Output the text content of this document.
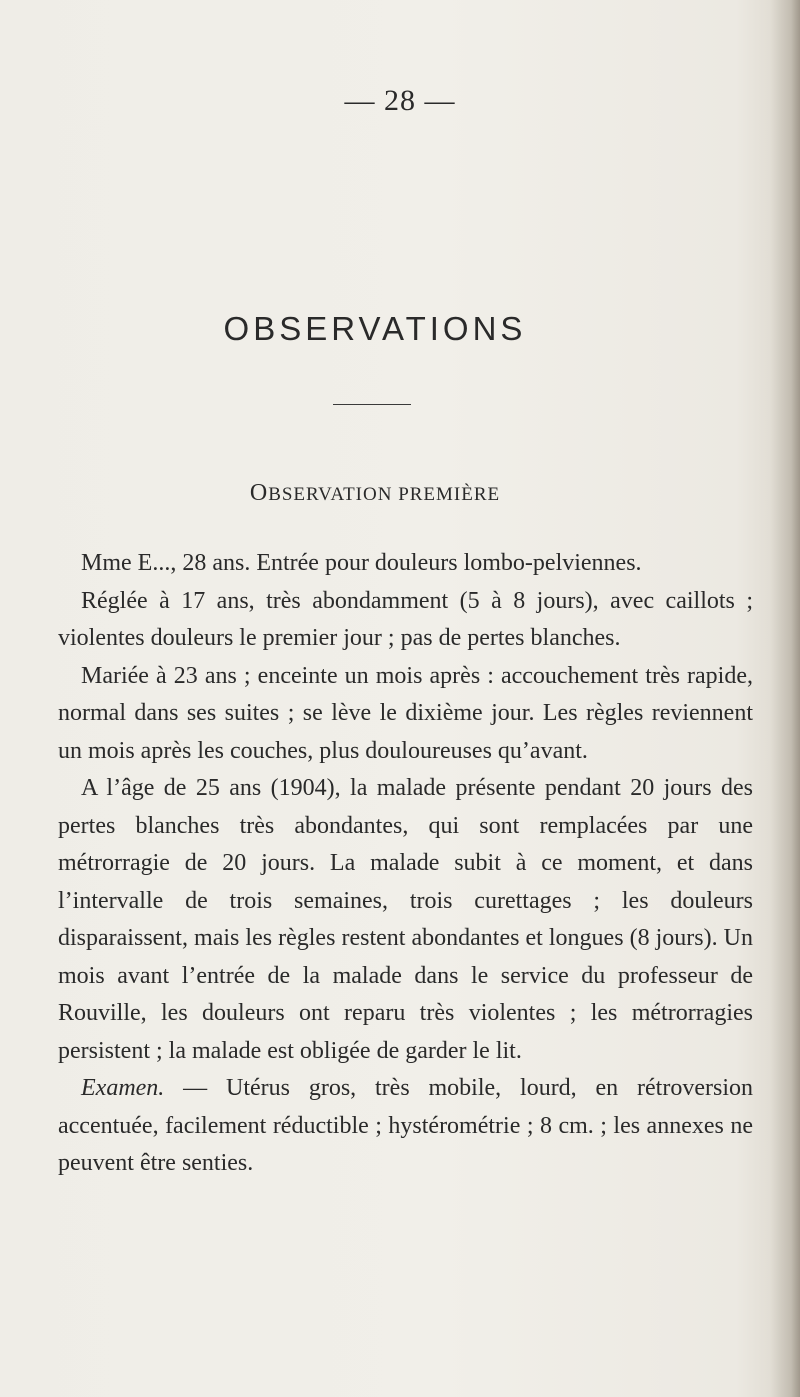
— 28 —
OBSERVATIONS
OBSERVATION PREMIÈRE

Mme E..., 28 ans. Entrée pour douleurs lombo-pelviennes.

Réglée à 17 ans, très abondamment (5 à 8 jours), avec caillots ; violentes douleurs le premier jour ; pas de pertes blanches.

Mariée à 23 ans ; enceinte un mois après : accouchement très rapide, normal dans ses suites ; se lève le dixième jour. Les règles reviennent un mois après les couches, plus douloureuses qu’avant.

A l’âge de 25 ans (1904), la malade présente pendant 20 jours des pertes blanches très abondantes, qui sont remplacées par une métrorragie de 20 jours. La malade subit à ce moment, et dans l’intervalle de trois semaines, trois curettages ; les douleurs disparaissent, mais les règles restent abondantes et longues (8 jours). Un mois avant l’entrée de la malade dans le service du professeur de Rouville, les douleurs ont reparu très violentes ; les métrorragies persistent ; la malade est obligée de garder le lit.

Examen. — Utérus gros, très mobile, lourd, en rétroversion accentuée, facilement réductible ; hystérométrie ; 8 cm. ; les annexes ne peuvent être senties.
